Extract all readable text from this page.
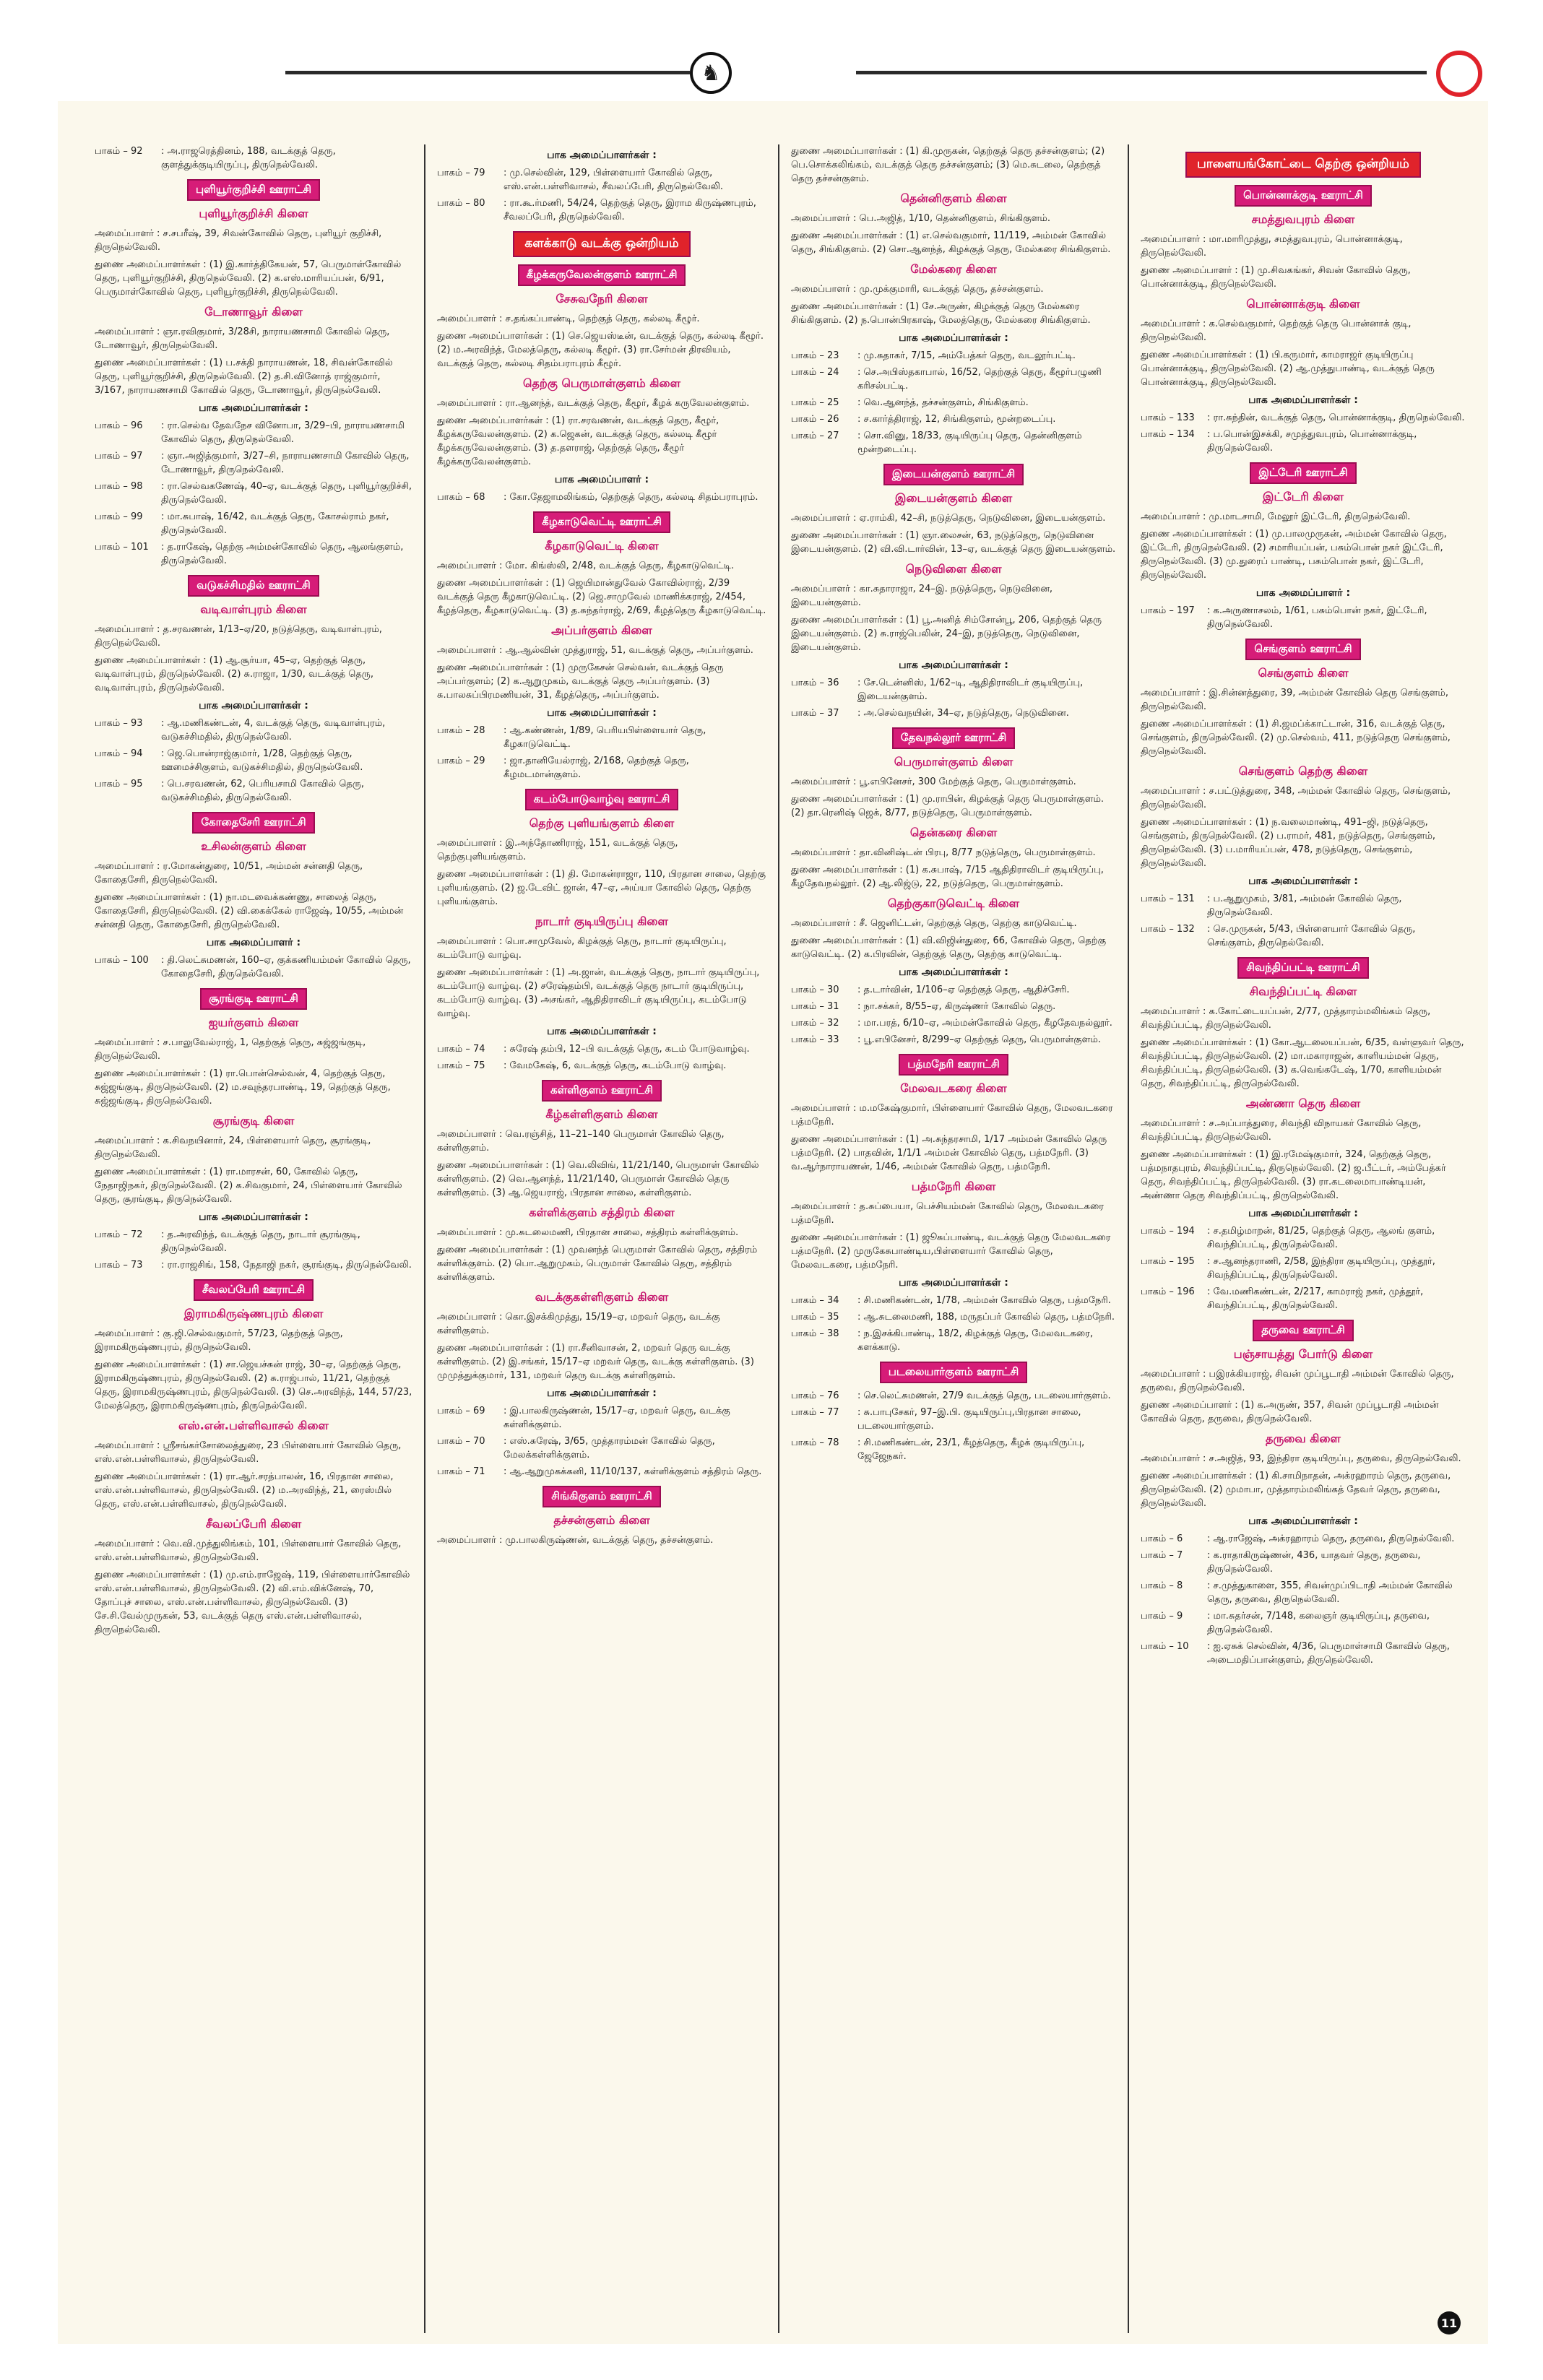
♞
பாகம் – 92	: அ.ராஜரெத்தினம், 188, வடக்குத் தெரு, குளத்துக்குடியிருப்பு, திருநெல்வேலி.
புளியூர்குறிச்சி ஊராட்சி
புளியூர்குறிச்சி கிளை

அமைப்பாளர் : ச.சபரீஷ், 39, சிவன்கோவில் தெரு, புளியூர் குறிச்சி, திருநெல்வேலி.

துணை அமைப்பாளர்கள் : (1) இ.கார்த்திகேயன், 57, பெருமாள்கோவில் தெரு, புளியூர்குறிச்சி, திருநெல்வேலி. (2) க.எஸ்.மாரியப்பன், 6/91, பெருமாள்கோவில் தெரு, புளியூர்குறிச்சி, திருநெல்வேலி.

டோணாவூர் கிளை

அமைப்பாளர் : ஞா.ரவிகுமார், 3/28சி, நாராயணசாமி கோவில் தெரு, டோணாவூர், திருநெல்வேலி.

துணை அமைப்பாளர்கள் : (1) ப.சக்தி நாராயணன், 18, சிவன்கோவில் தெரு, புளியூர்குறிச்சி, திருநெல்வேலி. (2) த.சி.வினோத் ராஜ்குமார், 3/167, நாராயணசாமி கோவில் தெரு, டோணாவூர், திருநெல்வேலி.

பாக அமைப்பாளர்கள் :
பாகம் – 96	: ரா.செல்வ தேவநேச வினோபா, 3/29–பி, நாராயணசாமி கோவில் தெரு, திருநெல்வேலி.
பாகம் – 97	: ஞா.அஜித்குமார், 3/27–சி, நாராயணசாமி கோவில் தெரு, டோணாவூர், திருநெல்வேலி.
பாகம் – 98	: ரா.செல்வகணேஷ், 40–ஏ, வடக்குத் தெரு, புளியூர்குறிச்சி, திருநெல்வேலி.
பாகம் – 99	: மா.சுபாஷ், 16/42, வடக்குத் தெரு, கோசல்ராம் நகர், திருநெல்வேலி.
பாகம் – 101	: த.ராகேஷ், தெற்கு அம்மன்கோவில் தெரு, ஆலங்குளம், திருநெல்வேலி.
வடுகச்சிமதில் ஊராட்சி
வடிவாள்புரம் கிளை

அமைப்பாளர் : த.சரவணன், 1/13–ஏ/20, நடுத்தெரு, வடிவாள்புரம், திருநெல்வேலி.

துணை அமைப்பாளர்கள் : (1) ஆ.சூர்யா, 45–ஏ, தெற்குத் தெரு, வடிவாள்புரம், திருநெல்வேலி. (2) சு.ராஜா, 1/30, வடக்குத் தெரு, வடிவாள்புரம், திருநெல்வேலி.

பாக அமைப்பாளர்கள் :
பாகம் – 93	: ஆ.மணிகண்டன், 4, வடக்குத் தெரு, வடிவாள்புரம், வடுகச்சிமதில், திருநெல்வேலி.
பாகம் – 94	: ஜெ.பொன்ராஜ்குமார், 1/28, தெற்குத் தெரு, ஊமைச்சிகுளம், வடுகச்சிமதில், திருநெல்வேலி.
பாகம் – 95	: பெ.சரவணன், 62, பெரியசாமி கோவில் தெரு, வடுகச்சிமதில், திருநெல்வேலி.
கோதைசேரி ஊராட்சி
உசிலன்குளம் கிளை

அமைப்பாளர் : ர.மோகன்துரை, 10/51, அம்மன் சன்னதி தெரு, கோதைசேரி, திருநெல்வேலி.

துணை அமைப்பாளர்கள் : (1) நா.மடவைக்கண்ணு, சாலைத் தெரு, கோதைசேரி, திருநெல்வேலி. (2) வி.கைக்கேல் ராஜேஷ், 10/55, அம்மன் சன்னதி தெரு, கோதைசேரி, திருநெல்வேலி.

பாக அமைப்பாளர் :
பாகம் – 100	: தி.லெட்சுமணன், 160–ஏ, குக்கணியம்மன் கோவில் தெரு, கோதைசேரி, திருநெல்வேலி.
சூரங்குடி ஊராட்சி
ஐயர்குளம் கிளை

அமைப்பாளர் : ச.பாலுவேல்ராஜ், 1, தெற்குத் தெரு, சுஜ்ஜங்குடி, திருநெல்வேலி.

துணை அமைப்பாளர்கள் : (1) ரா.பொன்செல்வன், 4, தெற்குத் தெரு, சுஜ்ஜங்குடி, திருநெல்வேலி. (2) ம.சவுந்தரபாண்டி, 19, தெற்குத் தெரு, சுஜ்ஜங்குடி, திருநெல்வேலி.

சூரங்குடி கிளை

அமைப்பாளர் : க.சிவநயினார், 24, பிள்ளையார் தெரு, சூரங்குடி, திருநெல்வேலி.

துணை அமைப்பாளர்கள் : (1) ரா.மாரசன், 60, கோவில் தெரு, நேதாஜிநகர், திருநெல்வேலி. (2) க.சிவகுமார், 24, பிள்ளையார் கோவில் தெரு, சூரங்குடி, திருநெல்வேலி.

பாக அமைப்பாளர்கள் :
பாகம் – 72	: த.அரவிந்த், வடக்குத் தெரு, நாடார் சூரங்குடி, திருநெல்வேலி.
பாகம் – 73	: ரா.ராஜசிங், 158, நேதாஜி நகர், சூரங்குடி, திருநெல்வேலி.
சீவலப்பேரி ஊராட்சி
இராமகிருஷ்ணபுரம் கிளை

அமைப்பாளர் : கு.ஜி.செல்வகுமார், 57/23, தெற்குத் தெரு, இராமகிருஷ்ணபுரம், திருநெல்வேலி.

துணை அமைப்பாளர்கள் : (1) சா.ஜெயச்சுன் ராஜ், 30–ஏ, தெற்குத் தெரு, இராமகிருஷ்ணபுரம், திருநெல்வேலி. (2) சு.ராஜ்பால், 11/21, தெற்குத் தெரு, இராமகிருஷ்ணபுரம், திருநெல்வேலி. (3) செ.அரவிந்த், 144, 57/23, மேலத்தெரு, இராமகிருஷ்ணபுரம், திருநெல்வேலி.

எஸ்.என்.பள்ளிவாசல் கிளை

அமைப்பாளர் : ஸ்ரீசங்கர்சோலைத்துரை, 23 பிள்ளையார் கோவில் தெரு, எஸ்.என்.பள்ளிவாசல், திருநெல்வேலி.

துணை அமைப்பாளர்கள் : (1) ரா.ஆர்.சரத்பாலன், 16, பிரதான சாலை, எஸ்.என்.பள்ளிவாசல், திருநெல்வேலி. (2) ம.அரவிந்த், 21, ரைஸ்மில் தெரு, எஸ்.என்.பள்ளிவாசல், திருநெல்வேலி.

சீவலப்பேரி கிளை

அமைப்பாளர் : வெ.வி.முத்துலிங்கம், 101, பிள்ளையார் கோவில் தெரு, எஸ்.என்.பள்ளிவாசல், திருநெல்வேலி.

துணை அமைப்பாளர்கள் : (1) மு.எம்.ராஜேஷ், 119, பிள்ளையார்கோவில் எஸ்.என்.பள்ளிவாசல், திருநெல்வேலி. (2) வி.எம்.விக்னேஷ், 70, தோப்புச் சாலை, எஸ்.என்.பள்ளிவாசல், திருநெல்வேலி. (3) சே.சி.வேல்முருகன், 53, வடக்குத் தெரு எஸ்.என்.பள்ளிவாசல், திருநெல்வேலி.

பாக அமைப்பாளர்கள் :
பாகம் – 79	: மு.செல்வின், 129, பிள்ளையார் கோவில் தெரு, எஸ்.என்.பள்ளிவாசல், சீவலப்பேரி, திருநெல்வேலி.
பாகம் – 80	: ரா.கூ.ர்மணி, 54/24, தெற்குத் தெரு, இராம கிருஷ்ணபுரம், சீவலப்பேரி, திருநெல்வேலி.
களக்காடு வடக்கு ஒன்றியம்
கீழக்கருவேலன்குளம் ஊராட்சி
சேசுவநேரி கிளை

அமைப்பாளர் : ச.தங்கப்பாண்டி, தெற்குத் தெரு, கல்லடி கீழூர்.

துணை அமைப்பாளர்கள் : (1) செ.ஜெயஸ்டீன், வடக்குத் தெரு, கல்லடி கீழூர். (2) ம.அரவிந்த், மேலத்தெரு, கல்லடி கீழூர். (3) ரா.சேர்மன் திரவியம், வடக்குத் தெரு, கல்லடி சிதம்பராபுரம் கீழூர்.

தெற்கு பெருமாள்குளம் கிளை

அமைப்பாளர் : ரா.ஆனந்த், வடக்குத் தெரு, கீழூர், கீழக் கருவேலன்குளம்.

துணை அமைப்பாளர்கள் : (1) ரா.சரவணன், வடக்குத் தெரு, கீழூர், கீழக்கருவேலன்குளம். (2) க.ஜெகன், வடக்குத் தெரு, கல்லடி கீழூர் கீழக்கருவேலன்குளம். (3) த.தளராஜ், தெற்குத் தெரு, கீழூர் கீழக்கருவேலன்குளம்.

பாக அமைப்பாளர் :
பாகம் – 68	: கோ.தேஜாமலிங்கம், தெற்குத் தெரு, கல்லடி சிதம்பராபுரம்.
கீழகாடுவெட்டி ஊராட்சி
கீழகாடுவெட்டி கிளை

அமைப்பாளர் : மோ. கிங்ஸ்லி, 2/48, வடக்குத் தெரு, கீழகாடுவெட்டி.

துணை அமைப்பாளர்கள் : (1) ஜெயிமான்துவேல் கோவில்ராஜ், 2/39 வடக்குத் தெரு கீழகாடுவெட்டி. (2) ஜெ.சாமுவேல் மாணிக்கராஜ், 2/454, கீழத்தெரு, கீழகாடுவெட்டி. (3) த.சுந்தர்ராஜ், 2/69, கீழத்தெரு கீழகாடுவெட்டி.

அப்பர்குளம் கிளை

அமைப்பாளர் : ஆ.ஆல்வின் முத்துராஜ், 51, வடக்குத் தெரு, அப்பர்குளம்.

துணை அமைப்பாளர்கள் : (1) முருகேசன் செல்வன், வடக்குத் தெரு அப்பர்குளம்; (2) க.ஆறுமுகம், வடக்குத் தெரு அப்பர்குளம். (3) சு.பாலசுப்பிரமணியன், 31, கீழத்தெரு, அப்பர்குளம்.

பாக அமைப்பாளர்கள் :
பாகம் – 28	: ஆ.கண்ணன், 1/89, பெரியபிள்ளையார் தெரு, கீழகாடுவெட்டி.
பாகம் – 29	: ஜா.தானியேல்ராஜ், 2/168, தெற்குத் தெரு, கீழமடமான்குளம்.
கடம்போடுவாழ்வு ஊராட்சி
தெற்கு புளியங்குளம் கிளை

அமைப்பாளர் : இ.அந்தோணிராஜ், 151, வடக்குத் தெரு, தெற்குபுளியங்குளம்.

துணை அமைப்பாளர்கள் : (1) தி. மோகன்ராஜா, 110, பிரதான சாலை, தெற்கு புளியங்குளம். (2) ஜ.டேவிட் ஜான், 47–ஏ, அய்யா கோவில் தெரு, தெற்கு புளியங்குளம்.

நாடார் குடியிருப்பு கிளை

அமைப்பாளர் : பொ.சாமுவேல், கிழக்குத் தெரு, நாடார் குடியிருப்பு, கடம்போடு வாழ்வு.

துணை அமைப்பாளர்கள் : (1) அ.ஜான், வடக்குத் தெரு, நாடார் குடியிருப்பு, கடம்போடு வாழ்வு. (2) சரேஷ்தம்பி, வடக்குத் தெரு நாடார் குடியிருப்பு, கடம்போடு வாழ்வு. (3) அசங்கர், ஆதிதிராவிடர் குடியிருப்பு, கடம்போடு வாழ்வு.

பாக அமைப்பாளர்கள் :
பாகம் – 74	: சுரேஷ் தம்பி, 12–பி வடக்குத் தெரு, கடம் போடுவாழ்வு.
பாகம் – 75	: வேமகேஷ், 6, வடக்குத் தெரு, கடம்போடு வாழ்வு.
கள்ளிகுளம் ஊராட்சி
கீழ்கள்ளிகுளம் கிளை

அமைப்பாளர் : வெ.ரஞ்சித், 11–21–140 பெருமாள் கோவில் தெரு, கள்ளிகுளம்.

துணை அமைப்பாளர்கள் : (1) வெ.லிவிங், 11/21/140, பெருமாள் கோவில் கள்ளிகுளம். (2) வெ.ஆனந்த், 11/21/140, பெருமாள் கோவில் தெரு கள்ளிகுளம். (3) ஆ.ஜெயராஜ், பிரதான சாலை, கள்ளிகுளம்.

கள்ளிக்குளம் சத்திரம் கிளை

அமைப்பாளர் : மு.சுடலைமணி, பிரதான சாலை, சத்திரம் கள்ளிக்குளம்.

துணை அமைப்பாளர்கள் : (1) முவனந்த் பெருமாள் கோவில் தெரு, சத்திரம் கள்ளிக்குளம். (2) பொ.ஆறுமுகம், பெருமாள் கோவில் தெரு, சத்திரம் கள்ளிக்குளம்.

வடக்குகள்ளிகுளம் கிளை

அமைப்பாளர் : கொ.இசக்கிமுத்து, 15/19–ஏ, மறவர் தெரு, வடக்கு கள்ளிகுளம்.

துணை அமைப்பாளர்கள் : (1) ரா.சீனிவாசன், 2, மறவர் தெரு வடக்கு கள்ளிகுளம். (2) இ.சங்கர், 15/17–ஏ மறவர் தெரு, வடக்கு கள்ளிகுளம். (3) முமுத்துக்குமார், 131, மறவர் தெரு வடக்கு கள்ளிகுளம்.

பாக அமைப்பாளர்கள் :
பாகம் – 69	: இ.பாலகிருஷ்ணன், 15/17–ஏ, மறவர் தெரு, வடக்கு கள்ளிக்குளம்.
பாகம் – 70	: எஸ்.சுரேஷ், 3/65, முத்தாரம்மன் கோவில் தெரு, மேலக்கள்ளிக்குளம்.
பாகம் – 71	: ஆ.ஆறுமுகக்கனி, 11/10/137, கள்ளிக்குளம் சத்திரம் தெரு.
சிங்கிகுளம் ஊராட்சி
தச்சன்குளம் கிளை

அமைப்பாளர் : மு.பாலகிருஷ்ணன், வடக்குத் தெரு, தச்சன்குளம்.

துணை அமைப்பாளர்கள் : (1) கி.முருகன், தெற்குத் தெரு தச்சன்குளம்; (2) பெ.சொக்கலிங்கம், வடக்குத் தெரு தச்சன்குளம்; (3) மெ.சுடலை, தெற்குத் தெரு தச்சன்குளம்.

தென்னிகுளம் கிளை

அமைப்பாளர் : பெ.அஜித், 1/10, தென்னிகுளம், சிங்கிகுளம்.

துணை அமைப்பாளர்கள் : (1) எ.செல்வகுமார், 11/119, அம்மன் கோவில் தெரு, சிங்கிகுளம். (2) சொ.ஆனந்த், கிழக்குத் தெரு, மேல்கரை சிங்கிகுளம்.

மேல்கரை கிளை

அமைப்பாளர் : மு.முக்குமாரி, வடக்குத் தெரு, தச்சன்குளம்.

துணை அமைப்பாளர்கள் : (1) சே.அருண், கிழக்குத் தெரு மேல்கரை சிங்கிகுளம். (2) ந.பொன்பிரகாஷ், மேலத்தெரு, மேல்கரை சிங்கிகுளம்.

பாக அமைப்பாளர்கள் :
பாகம் – 23	: மு.சுதாகர், 7/15, அம்பேத்கர் தெரு, வடலூர்பட்டி.
பாகம் – 24	: செ.அபிஸ்தகாபால், 16/52, தெற்குத் தெரு, கீழூர்பழுணி கரிசல்பட்டி.
பாகம் – 25	: வெ.ஆனந்த், தச்சன்குளம், சிங்கிகுளம்.
பாகம் – 26	: ச.கார்த்திராஜ், 12, சிங்கிகுளம், மூன்றடைப்பு.
பாகம் – 27	: சொ.வினு, 18/33, குடியிருப்பு தெரு, தென்னிகுளம் மூன்றடைப்பு.
இடையன்குளம் ஊராட்சி
இடையன்குளம் கிளை

அமைப்பாளர் : ஏ.ராம்கி, 42–சி, நடுத்தெரு, நெடுவினை, இடையன்குளம்.

துணை அமைப்பாளர்கள் : (1) ஞா.லைசன், 63, நடுத்தெரு, நெடுவினை இடையன்குளம். (2) வி.வி.டார்வின், 13–ஏ, வடக்குத் தெரு இடையன்குளம்.

நெடுவிளை கிளை

அமைப்பாளர் : கா.சுதாராஜா, 24–இ. நடுத்தெரு, நெடுவினை, இடையன்குளம்.

துணை அமைப்பாளர்கள் : (1) பூ.அனித் சிம்சோன்பூ, 206, தெற்குத் தெரு இடையன்குளம். (2) சு.ராஜ்பெலின், 24–இ, நடுத்தெரு, நெடுவினை, இடையன்குளம்.

பாக அமைப்பாளர்கள் :
பாகம் – 36	: சே.டென்னிஸ், 1/62–டி, ஆதிதிராவிடர் குடியிருப்பு, இடையன்குளம்.
பாகம் – 37	: அ.செல்வநயின், 34–ஏ, நடுத்தெரு, நெடுவினை.
தேவநல்லூர் ஊராட்சி
பெருமாள்குளம் கிளை

அமைப்பாளர் : பூ.எபினேசர், 300 மேற்குத் தெரு, பெருமாள்குளம்.

துணை அமைப்பாளர்கள் : (1) மு.ராபின், கிழக்குத் தெரு பெருமாள்குளம். (2) தா.ரெனிஷ் ஜெக், 8/77, நடுத்தெரு, பெருமாள்குளம்.

தென்கரை கிளை

அமைப்பாளர் : தா.வினிஷ்டன் பிரபு, 8/77 நடுத்தெரு, பெருமாள்குளம்.

துணை அமைப்பாளர்கள் : (1) க.சுபாஷ், 7/15 ஆதிதிராவிடர் குடியிருப்பு, கீழதேவநல்லூர். (2) ஆ.லிஜ்டு, 22, நடுத்தெரு, பெருமாள்குளம்.

தெற்குகாடுவெட்டி கிளை

அமைப்பாளர் : சீ. ஜெனிட்டன், தெற்குத் தெரு, தெற்கு காடுவெட்டி.

துணை அமைப்பாளர்கள் : (1) வி.விஜின்துரை, 66, கோவில் தெரு, தெற்கு காடுவெட்டி. (2) க.பிரவின், தெற்குத் தெரு, தெற்கு காடுவெட்டி.

பாக அமைப்பாளர்கள் :
பாகம் – 30	: த.டார்வின், 1/106–ஏ தெற்குத் தெரு, ஆதிச்சேரி.
பாகம் – 31	: நா.சக்கர், 8/55–ஏ, கிருஷ்ணர் கோவில் தெரு.
பாகம் – 32	: மா.பரத், 6/10–ஏ, அம்மன்கோவில் தெரு, கீழதேவநல்லூர்.
பாகம் – 33	: பூ.எபினேசர், 8/299–ஏ தெற்குத் தெரு, பெருமாள்குளம்.
பத்மநேரி ஊராட்சி
மேலவடகரை கிளை

அமைப்பாளர் : ம.மகேஷ்குமார், பிள்ளையார் கோவில் தெரு, மேலவடகரை பத்மநேரி.

துணை அமைப்பாளர்கள் : (1) அ.சுந்தரசாமி, 1/17 அம்மன் கோவில் தெரு பத்மநேரி. (2) பாதவின், 1/1/1 அம்மன் கோவில் தெரு, பத்மநேரி. (3) வ.ஆர்நாராயணன், 1/46, அம்மன் கோவில் தெரு, பத்மநேரி.

பத்மநேரி கிளை

அமைப்பாளர் : த.சுப்பையா, பெச்சியம்மன் கோவில் தெரு, மேலவடகரை பத்மநேரி.

துணை அமைப்பாளர்கள் : (1) ஜூசுப்பாண்டி, வடக்குத் தெரு மேலவடகரை பத்மநேரி. (2) முருகேசுபாண்டிய,பிள்ளையார் கோவில் தெரு, மேலவடகரை, பத்மநேரி.

பாக அமைப்பாளர்கள் :
பாகம் – 34	: சி.மணிகண்டன், 1/78, அம்மன் கோவில் தெரு, பத்மநேரி.
பாகம் – 35	: ஆ.சுடலைமணி, 188, மருதப்பர் கோவில் தெரு, பத்மநேரி.
பாகம் – 38	: ந.இசக்கிபாண்டி, 18/2, கிழக்குத் தெரு, மேலவடகரை, களக்காடு.
படலையார்குளம் ஊராட்சி
பாகம் – 76	: செ.லெட்சுமணன், 27/9 வடக்குத் தெரு, படலையார்குளம்.
பாகம் – 77	: சு.பாபுசேகர், 97–இ.பி. குடியிருப்பு,பிரதான சாலை, படலையார்குளம்.
பாகம் – 78	: சி.மணிகண்டன், 23/1, கீழத்தெரு, கீழக் குடியிருப்பு, ஜேஜேநகர்.
பாளையங்கோட்டை தெற்கு ஒன்றியம்
பொன்னாக்குடி ஊராட்சி
சமத்துவபுரம் கிளை

அமைப்பாளர் : மா.மாரிமுத்து, சமத்துவபுரம், பொன்னாக்குடி, திருநெல்வேலி.

துணை அமைப்பாளர் : (1) மு.சிவகங்கர், சிவன் கோவில் தெரு, பொன்னாக்குடி, திருநெல்வேலி.

பொன்னாக்குடி கிளை

அமைப்பாளர் : க.செல்வகுமார், தெற்குத் தெரு பொன்னாக் குடி, திருநெல்வேலி.

துணை அமைப்பாளர்கள் : (1) பி.கருமார், காமராஜர் குடியிருப்பு பொன்னாக்குடி, திருநெல்வேலி. (2) ஆ.முத்துபாண்டி, வடக்குத் தெரு பொன்னாக்குடி, திருநெல்வேலி.

பாக அமைப்பாளர்கள் :
பாகம் – 133	: ரா.சுந்தின், வடக்குத் தெரு, பொன்னாக்குடி, திருநெல்வேலி.
பாகம் – 134	: ப.பொன்இசக்கி, சமுத்துவபுரம், பொன்னாக்குடி, திருநெல்வேலி.
இட்டேரி ஊராட்சி
இட்டேரி கிளை

அமைப்பாளர் : மு.மாடசாமி, மேலூர் இட்டேரி, திருநெல்வேலி.

துணை அமைப்பாளர்கள் : (1) மு.பாலமுருகன், அம்மன் கோவில் தெரு, இட்டேரி, திருநெல்வேலி. (2) சமாரியப்பன், பசும்பொன் நகர் இட்டேரி, திருநெல்வேலி. (3) மு.துரைப் பாண்டி, பசும்பொன் நகர், இட்டேரி, திருநெல்வேலி.

பாக அமைப்பாளர் :
பாகம் – 197	: க.அருணாசலம், 1/61, பசும்பொன் நகர், இட்டேரி, திருநெல்வேலி.
செங்குளம் ஊராட்சி
செங்குளம் கிளை

அமைப்பாளர் : இ.சின்னத்துரை, 39, அம்மன் கோவில் தெரு செங்குளம், திருநெல்வேலி.

துணை அமைப்பாளர்கள் : (1) சி.ஜமப்க்காட்டான், 316, வடக்குத் தெரு, செங்குளம், திருநெல்வேலி. (2) மு.செல்வம், 411, நடுத்தெரு செங்குளம், திருநெல்வேலி.

செங்குளம் தெற்கு கிளை

அமைப்பாளர் : ச.பட்டுத்துரை, 348, அம்மன் கோவில் தெரு, செங்குளம், திருநெல்வேலி.

துணை அமைப்பாளர்கள் : (1) ந.வலைமாண்டி, 491–ஜி, நடுத்தெரு, செங்குளம், திருநெல்வேலி. (2) ப.ராமர், 481, நடுத்தெரு, செங்குளம், திருநெல்வேலி. (3) ப.மாரியப்பன், 478, நடுத்தெரு, செங்குளம், திருநெல்வேலி.

பாக அமைப்பாளர்கள் :
பாகம் – 131	: ப.ஆறுமுகம், 3/81, அம்மன் கோவில் தெரு, திருநெல்வேலி.
பாகம் – 132	: செ.முருகன், 5/43, பிள்ளையார் கோவில் தெரு, செங்குளம், திருநெல்வேலி.
சிவந்திப்பட்டி ஊராட்சி
சிவந்திப்பட்டி கிளை

அமைப்பாளர் : க.கோட்டையப்பன், 2/77, முத்தாரம்மலிங்கம் தெரு, சிவந்திப்பட்டி, திருநெல்வேலி.

துணை அமைப்பாளர்கள் : (1) கோ.ஆடலையப்பன், 6/35, வள்ளுவர் தெரு, சிவந்திப்பட்டி, திருநெல்வேலி. (2) மா.மகாராஜன், காளியம்மன் தெரு, சிவந்திப்பட்டி, திருநெல்வேலி. (3) க.வெங்கடேஷ், 1/70, காளியம்மன் தெரு, சிவந்திப்பட்டி, திருநெல்வேலி.

அண்ணா தெரு கிளை

அமைப்பாளர் : ச.அப்பாத்துரை, சிவந்தி விநாயகர் கோவில் தெரு, சிவந்திப்பட்டி, திருநெல்வேலி.

துணை அமைப்பாளர்கள் : (1) இ.ரமேஷ்குமார், 324, தெற்குத் தெரு, பத்மநாதபுரம், சிவந்திப்பட்டி, திருநெல்வேலி. (2) ஜ.பீட்டர், அம்பேத்கர் தெரு, சிவந்திப்பட்டி, திருநெல்வேலி. (3) ரா.கடலைமாபாண்டியன், அண்ணா தெரு சிவந்திப்பட்டி, திருநெல்வேலி.

பாக அமைப்பாளர்கள் :
பாகம் – 194	: ச.தமிழ்மாறன், 81/25, தெற்குத் தெரு, ஆலங் குளம், சிவந்திப்பட்டி, திருநெல்வேலி.
பாகம் – 195	: ச.ஆனந்தராணி, 2/58, இந்திரா குடியிருப்பு, முத்தூர், சிவந்திப்பட்டி, திருநெல்வேலி.
பாகம் – 196	: வே.மணிகண்டன், 2/217, காமராஜ் நகர், முத்தூர், சிவந்திப்பட்டி, திருநெல்வேலி.
தருவை ஊராட்சி
பஞ்சாயத்து போர்டு கிளை

அமைப்பாளர் : பஇரக்கியராஜ், சிவன் முப்பூடாதி அம்மன் கோவில் தெரு, தருவை, திருநெல்வேலி.

துணை அமைப்பாளர் : (1) க.அருண், 357, சிவன் முப்பூடாதி அம்மன் கோவில் தெரு, தருவை, திருநெல்வேலி.

தருவை கிளை

அமைப்பாளர் : ச.அஜித், 93, இந்திரா குடியிருப்பு, தருவை, திருநெல்வேலி.

துணை அமைப்பாளர்கள் : (1) கி.சாமிநாதன், அக்ரஹாரம் தெரு, தருவை, திருநெல்வேலி. (2) முமாபா, முத்தாரம்மலிங்கத் தேவர் தெரு, தருவை, திருநெல்வேலி.

பாக அமைப்பாளர்கள் :
பாகம் – 6	: ஆ.ராஜேஷ், அக்ரஹாரம் தெரு, தருவை, திருநெல்வேலி.
பாகம் – 7	: க.ராதாகிருஷ்ணன், 436, யாதவர் தெரு, தருவை, திருநெல்வேலி.
பாகம் – 8	: ச.முத்துகாளை, 355, சிவன்முப்பிடாதி அம்மன் கோவில் தெரு, தருவை, திருநெல்வேலி.
பாகம் – 9	: மா.சுதர்சன், 7/148, கலைஞர் குடியிருப்பு, தருவை, திருநெல்வேலி.
பாகம் – 10	: ஐ.ஏசுக் செல்வின், 4/36, பெருமாள்சாமி கோவில் தெரு, அடைமதிப்பான்குளம், திருநெல்வேலி.
11
